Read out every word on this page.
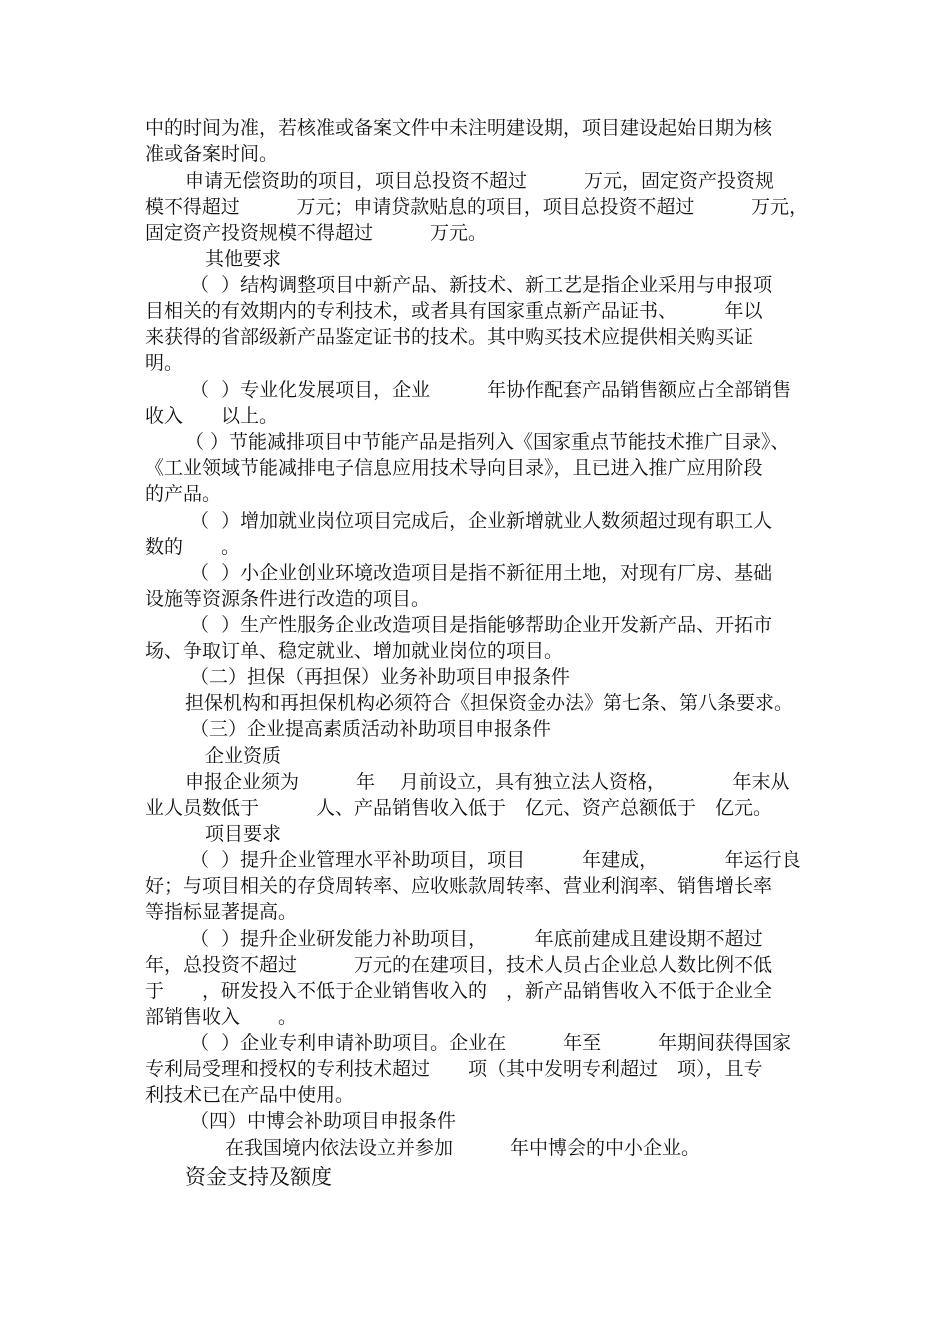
中的时间为准，若核准或备案文件中未注明建设期，项目建设起始日期为核
准或备案时间。
申请无偿资助的项目，项目总投资不超过　　　万元，固定资产投资规
模不得超过　　　万元；申请贷款贴息的项目，项目总投资不超过　　　万元，
固定资产投资规模不得超过　　　万元。
其他要求
（  ）结构调整项目中新产品、新技术、新工艺是指企业采用与申报项
目相关的有效期内的专利技术，或者具有国家重点新产品证书、　　　年以
来获得的省部级新产品鉴定证书的技术。其中购买技术应提供相关购买证
明。
（  ）专业化发展项目，企业　　　年协作配套产品销售额应占全部销售
收入　　以上。
（ ）节能减排项目中节能产品是指列入《国家重点节能技术推广目录》、
《工业领域节能减排电子信息应用技术导向目录》，且已进入推广应用阶段
的产品。
（  ）增加就业岗位项目完成后，企业新增就业人数须超过现有职工人
数的　　。
（  ）小企业创业环境改造项目是指不新征用土地，对现有厂房、基础
设施等资源条件进行改造的项目。
（  ）生产性服务企业改造项目是指能够帮助企业开发新产品、开拓市
场、争取订单、稳定就业、增加就业岗位的项目。
（二）担保（再担保）业务补助项目申报条件
担保机构和再担保机构必须符合《担保资金办法》第七条、第八条要求。
（三）企业提高素质活动补助项目申报条件
企业资质
申报企业须为　　　年　 月前设立，具有独立法人资格，　　　　年末从
业人员数低于　　　人、产品销售收入低于　亿元、资产总额低于　亿元。
项目要求
（  ）提升企业管理水平补助项目，项目　　　年建成，　　　　年运行良
好；与项目相关的存贷周转率、应收账款周转率、营业利润率、销售增长率
等指标显著提高。
（  ）提升企业研发能力补助项目，　　　年底前建成且建设期不超过
年，总投资不超过　　　万元的在建项目，技术人员占企业总人数比例不低
于　　，研发投入不低于企业销售收入的　，新产品销售收入不低于企业全
部销售收入　　。
（  ）企业专利申请补助项目。企业在　　　年至　　　年期间获得国家
专利局受理和授权的专利技术超过　　项（其中发明专利超过　项），且专
利技术已在产品中使用。
（四）中博会补助项目申报条件
在我国境内依法设立并参加　　　年中博会的中小企业。
资金支持及额度
